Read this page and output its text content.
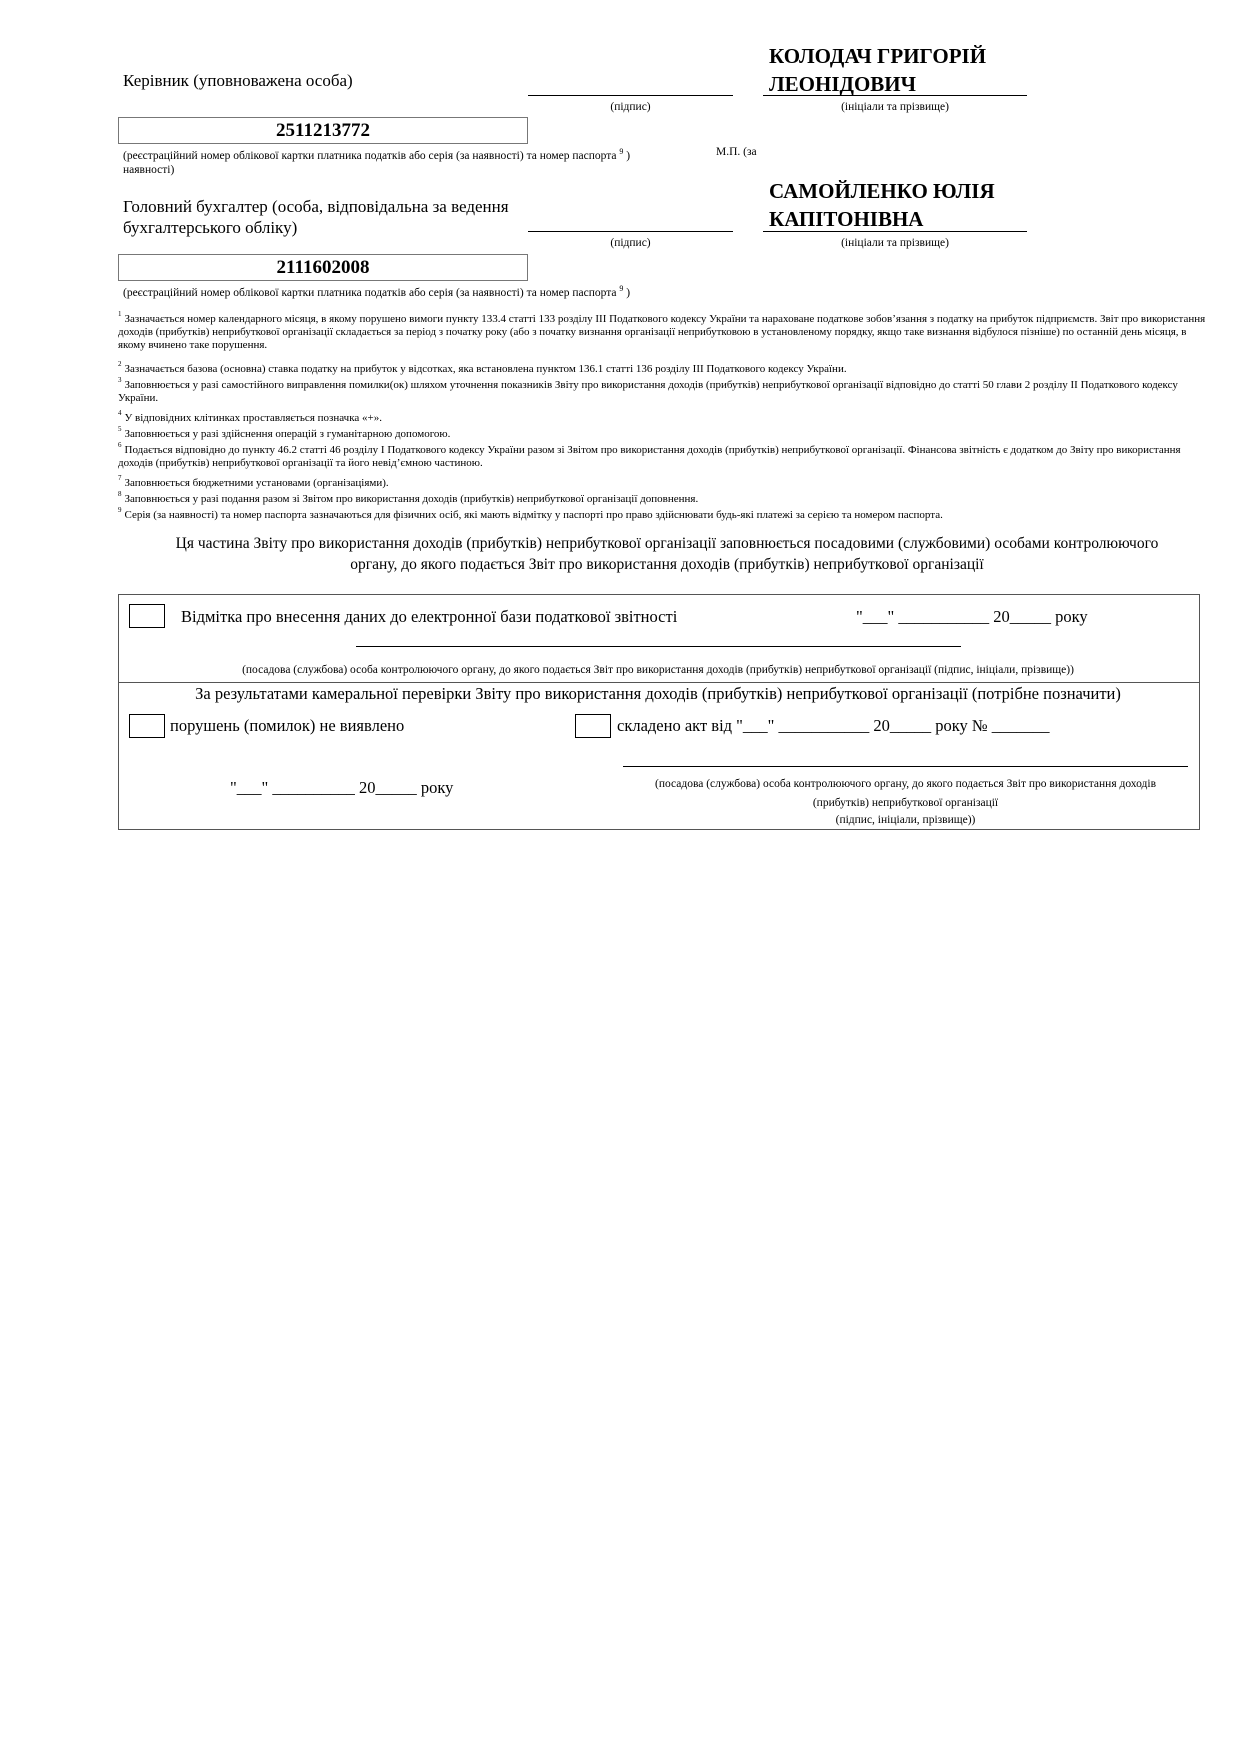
Керівник (уповноважена особа)
(підпис)
КОЛОДАЧ ГРИГОРІЙ
ЛЕОНІДОВИЧ
(ініціали та прізвище)
2511213772
(реєстраційний номер облікової картки платника податків або серія (за наявності) та номер паспорта $^9$ )	М.П. (за
наявності)
Головний бухгалтер (особа, відповідальна за ведення
бухгалтерського обліку)
(підпис)
САМОЙЛЕНКО ЮЛІЯ
КАПІТОНІВНА
(ініціали та прізвище)
2111602008
(реєстраційний номер облікової картки платника податків або серія (за наявності) та номер паспорта $^9$ )
$^1$ Зазначається номер календарного місяця, в якому порушено вимоги пункту 133.4 статті 133 розділу ІІІ Податкового кодексу України та нараховане податкове зобов’язання з податку на прибуток підприємств. Звіт про використання доходів (прибутків) неприбуткової організації складається за період з початку року (або з початку визнання організації неприбутковою в установленому порядку, якщо таке визнання відбулося пізніше) по останній день місяця, в якому вчинено таке порушення.
$^2$ Зазначається базова (основна) ставка податку на прибуток у відсотках, яка встановлена пунктом 136.1 статті 136 розділу ІІІ Податкового кодексу України.
$^3$ Заповнюється у разі самостійного виправлення помилки(ок) шляхом уточнення показників Звіту про використання доходів (прибутків) неприбуткової організації відповідно до статті 50 глави 2 розділу ІІ Податкового кодексу України.
$^4$ У відповідних клітинках проставляється позначка «+».
$^5$ Заповнюється у разі здійснення операцій з гуманітарною допомогою.
$^6$ Подається відповідно до пункту 46.2 статті 46 розділу І Податкового кодексу України разом зі Звітом про використання доходів (прибутків) неприбуткової організації. Фінансова звітність є додатком до Звіту про використання доходів (прибутків) неприбуткової організації та його невід’ємною частиною.
$^7$ Заповнюється бюджетними установами (організаціями).
$^8$ Заповнюється у разі подання разом зі Звітом про використання доходів (прибутків) неприбуткової організації доповнення.
$^9$ Серія (за наявності) та номер паспорта зазначаються для фізичних осіб, які мають відмітку у паспорті про право здійснювати будь-які платежі за серією та номером паспорта.
Ця частина Звіту про використання доходів (прибутків) неприбуткової організації заповнюється посадовими (службовими) особами контролюючого
органу, до якого подається Звіт про використання доходів (прибутків) неприбуткової організації
Відмітка про внесення даних до електронної бази податкової звітності	"___" ___________ 20_____ року
(посадова (службова) особа контролюючого органу, до якого подається Звіт про використання доходів (прибутків) неприбуткової організації (підпис, ініціали, прізвище))
За результатами камеральної перевірки Звіту про використання доходів (прибутків) неприбуткової організації (потрібне позначити)
порушень (помилок) не виявлено	складено акт від "___" ___________ 20_____ року № _______
"___" __________ 20_____ року	(посадова (службова) особа контролюючого органу, до якого подається Звіт про використання доходів
(прибутків) неприбуткової організації
(підпис, ініціали, прізвище))
